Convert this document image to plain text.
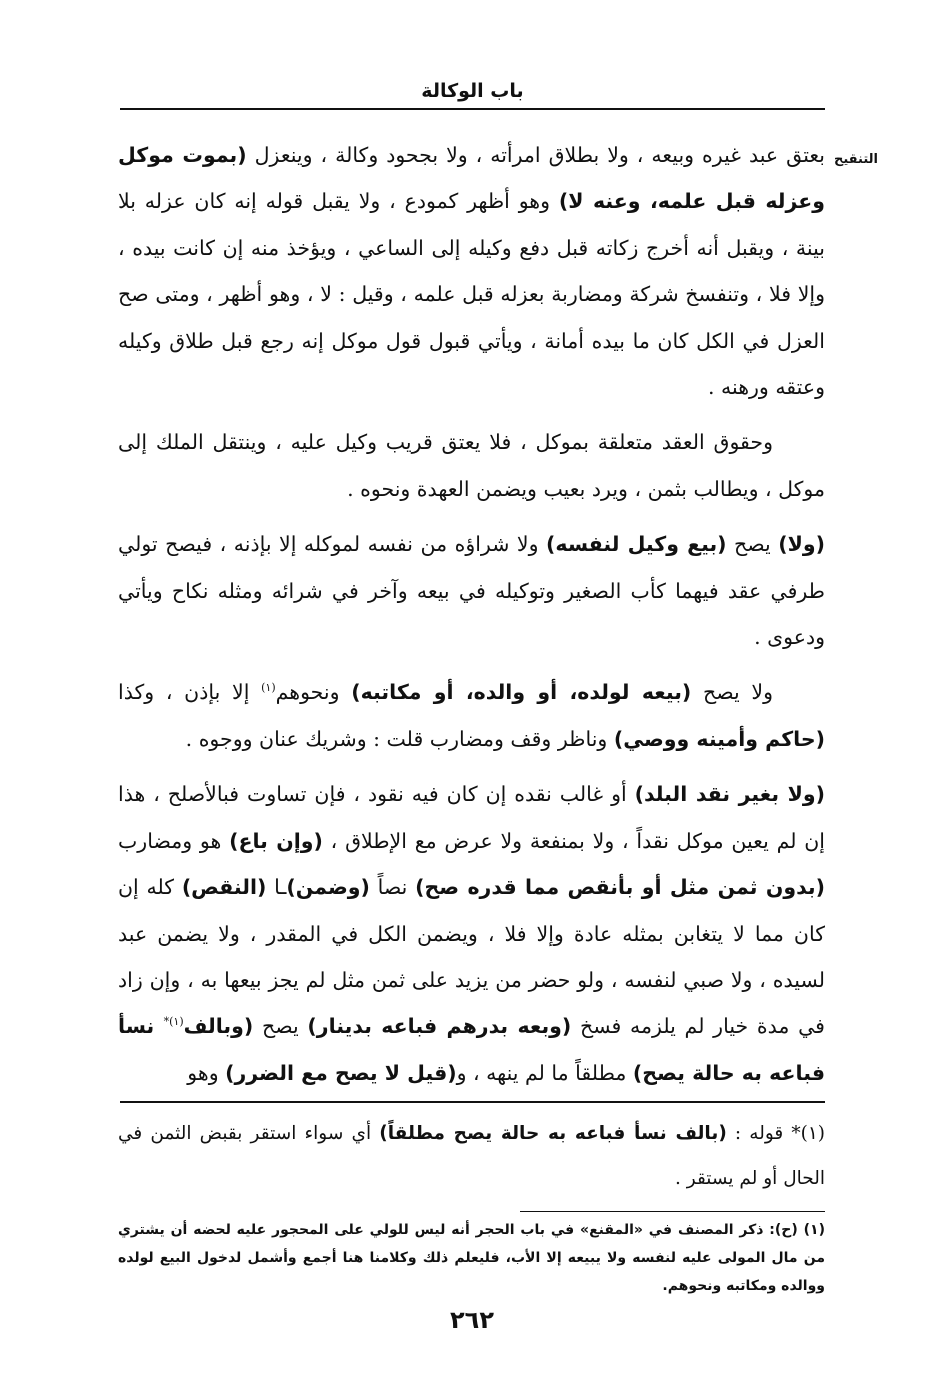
باب الوكالة
التنقيح

بعتق عبد غيره وبيعه ، ولا بطلاق امرأته ، ولا بجحود وكالة ، وينعزل (بموت موكل وعزله قبل علمه، وعنه لا) وهو أظهر كمودع ، ولا يقبل قوله إنه كان عزله بلا بينة ، ويقبل أنه أخرج زكاته قبل دفع وكيله إلى الساعي ، ويؤخذ منه إن كانت بيده ، وإلا فلا ، وتنفسخ شركة ومضاربة بعزله قبل علمه ، وقيل : لا ، وهو أظهر ، ومتى صح العزل في الكل كان ما بيده أمانة ، ويأتي قبول قول موكل إنه رجع قبل طلاق وكيله وعتقه ورهنه .

وحقوق العقد متعلقة بموكل ، فلا يعتق قريب وكيل عليه ، وينتقل الملك إلى موكل ، ويطالب بثمن ، ويرد بعيب ويضمن العهدة ونحوه .

(ولا) يصح (بيع وكيل لنفسه) ولا شراؤه من نفسه لموكله إلا بإذنه ، فيصح تولي طرفي عقد فيهما كأب الصغير وتوكيله في بيعه وآخر في شرائه ومثله نكاح ويأتي ودعوى .

ولا يصح (بيعه لولده، أو والده، أو مكاتبه) ونحوهم$^{(١)}$ إلا بإذن ، وكذا (حاكم وأمينه ووصي) وناظر وقف ومضارب قلت : وشريك عنان ووجوه .

(ولا بغير نقد البلد) أو غالب نقده إن كان فيه نقود ، فإن تساوت فبالأصلح ، هذا إن لم يعين موكل نقداً ، ولا بمنفعة ولا عرض مع الإطلاق ، (وإن باع) هو ومضارب (بدون ثمن مثل أو بأنقص مما قدره صح) نصاً (وضمن)ـا (النقص) كله إن كان مما لا يتغابن بمثله عادة وإلا فلا ، ويضمن الكل في المقدر ، ولا يضمن عبد لسيده ، ولا صبي لنفسه ، ولو حضر من يزيد على ثمن مثل لم يجز بيعها به ، وإن زاد في مدة خيار لم يلزمه فسخ (وبعه بدرهم فباعه بدينار) يصح (وبالف$^{(١)*}$ نسأ فباعه به حالة يصح) مطلقاً ما لم ينهه ، و(قيل لا يصح مع الضرر) وهو

(١)* قوله : (بالف نسأ فباعه به حالة يصح مطلقاً) أي سواء استقر بقبض الثمن في الحال أو لم يستقر .

(١) (ح): ذكر المصنف في «المقنع» في باب الحجر أنه ليس للولي على المحجور عليه لحضه أن يشتري من مال المولى عليه لنفسه ولا يبيعه إلا الأب، فليعلم ذلك وكلامنا هنا أجمع وأشمل لدخول البيع لولده ووالده ومكاتبه ونحوهم.

٢٦٢
